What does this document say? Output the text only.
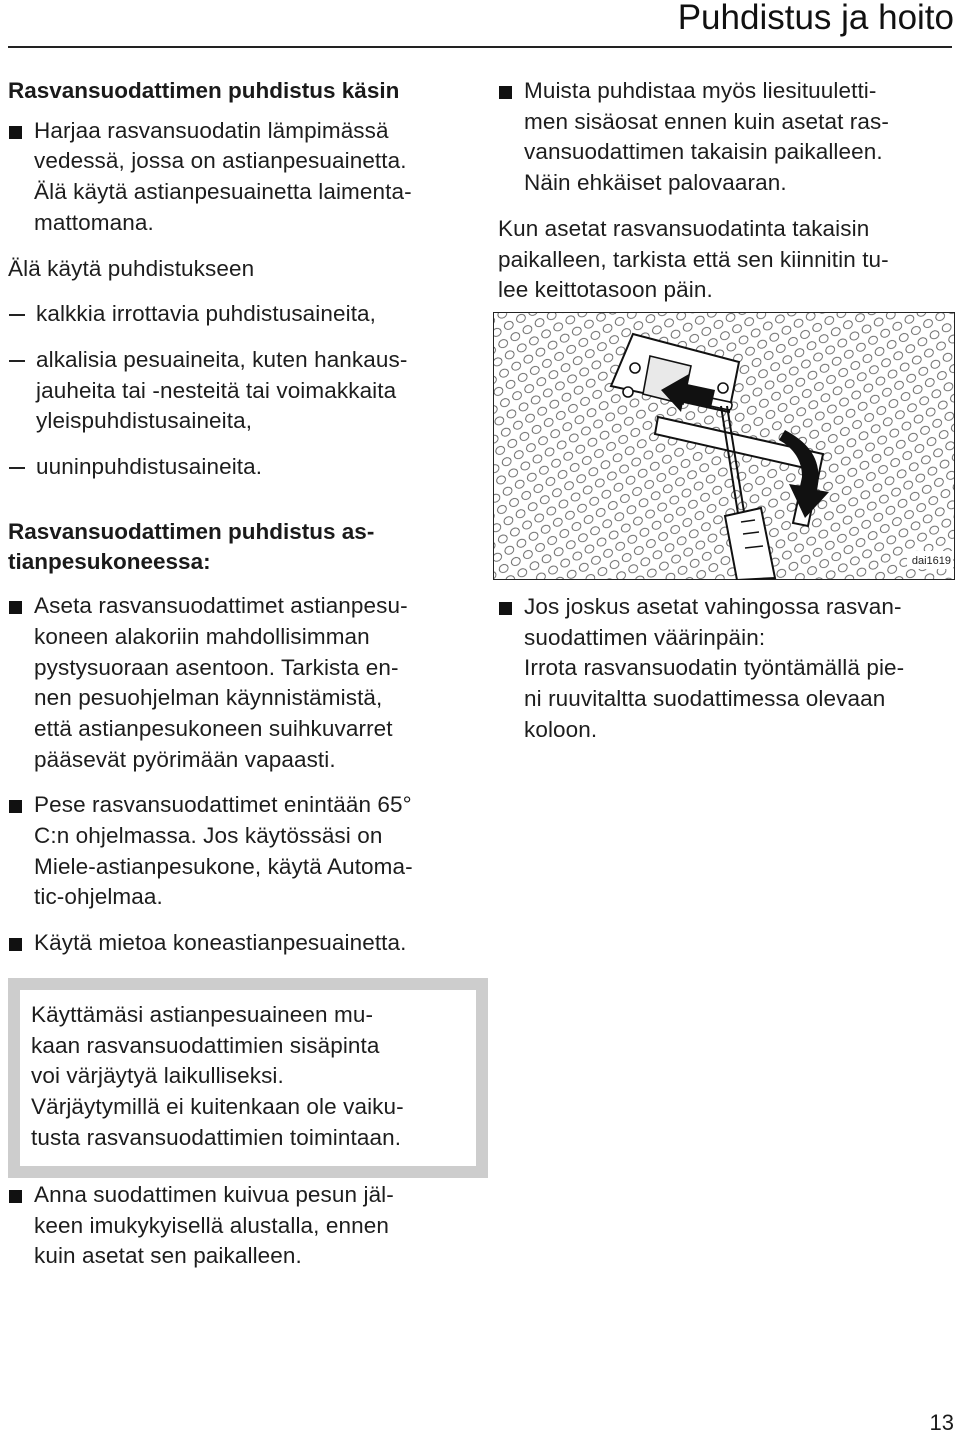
Puhdistus ja hoito

Rasvansuodattimen puhdistus käsin

Harjaa rasvansuodatin lämpimässä
vedessä, jossa on astianpesuainetta.
Älä käytä astianpesuainetta laimenta-
mattomana.

Älä käytä puhdistukseen

kalkkia irrottavia puhdistusaineita,

alkalisia pesuaineita, kuten hankaus-
jauheita tai -nesteitä tai voimakkaita
yleispuhdistusaineita,

uuninpuhdistusaineita.

Rasvansuodattimen puhdistus as-
tianpesukoneessa:

Aseta rasvansuodattimet astianpesu-
koneen alakoriin mahdollisimman
pystysuoraan asentoon. Tarkista en-
nen pesuohjelman käynnistämistä,
että astianpesukoneen suihkuvarret
pääsevät pyörimään vapaasti.

Pese rasvansuodattimet enintään 65°
C:n ohjelmassa. Jos käytössäsi on
Miele-astianpesukone, käytä Automa-
tic-ohjelmaa.

Käytä mietoa koneastianpesuainetta.

Käyttämäsi astianpesuaineen mu-
kaan rasvansuodattimien sisäpinta
voi värjäytyä laikulliseksi.
Värjäytymillä ei kuitenkaan ole vaiku-
tusta rasvansuodattimien toimintaan.

Anna suodattimen kuivua pesun jäl-
keen imukykyisellä alustalla, ennen
kuin asetat sen paikalleen.

Muista puhdistaa myös liesituuletti-
men sisäosat ennen kuin asetat ras-
vansuodattimen takaisin paikalleen.
Näin ehkäiset palovaaran.

Kun asetat rasvansuodatinta takaisin
paikalleen, tarkista että sen kiinnitin tu-
lee keittotasoon päin.

dai1619

Jos joskus asetat vahingossa rasvan-
suodattimen väärinpäin:
Irrota rasvansuodatin työntämällä pie-
ni ruuvitaltta suodattimessa olevaan
koloon.

13
